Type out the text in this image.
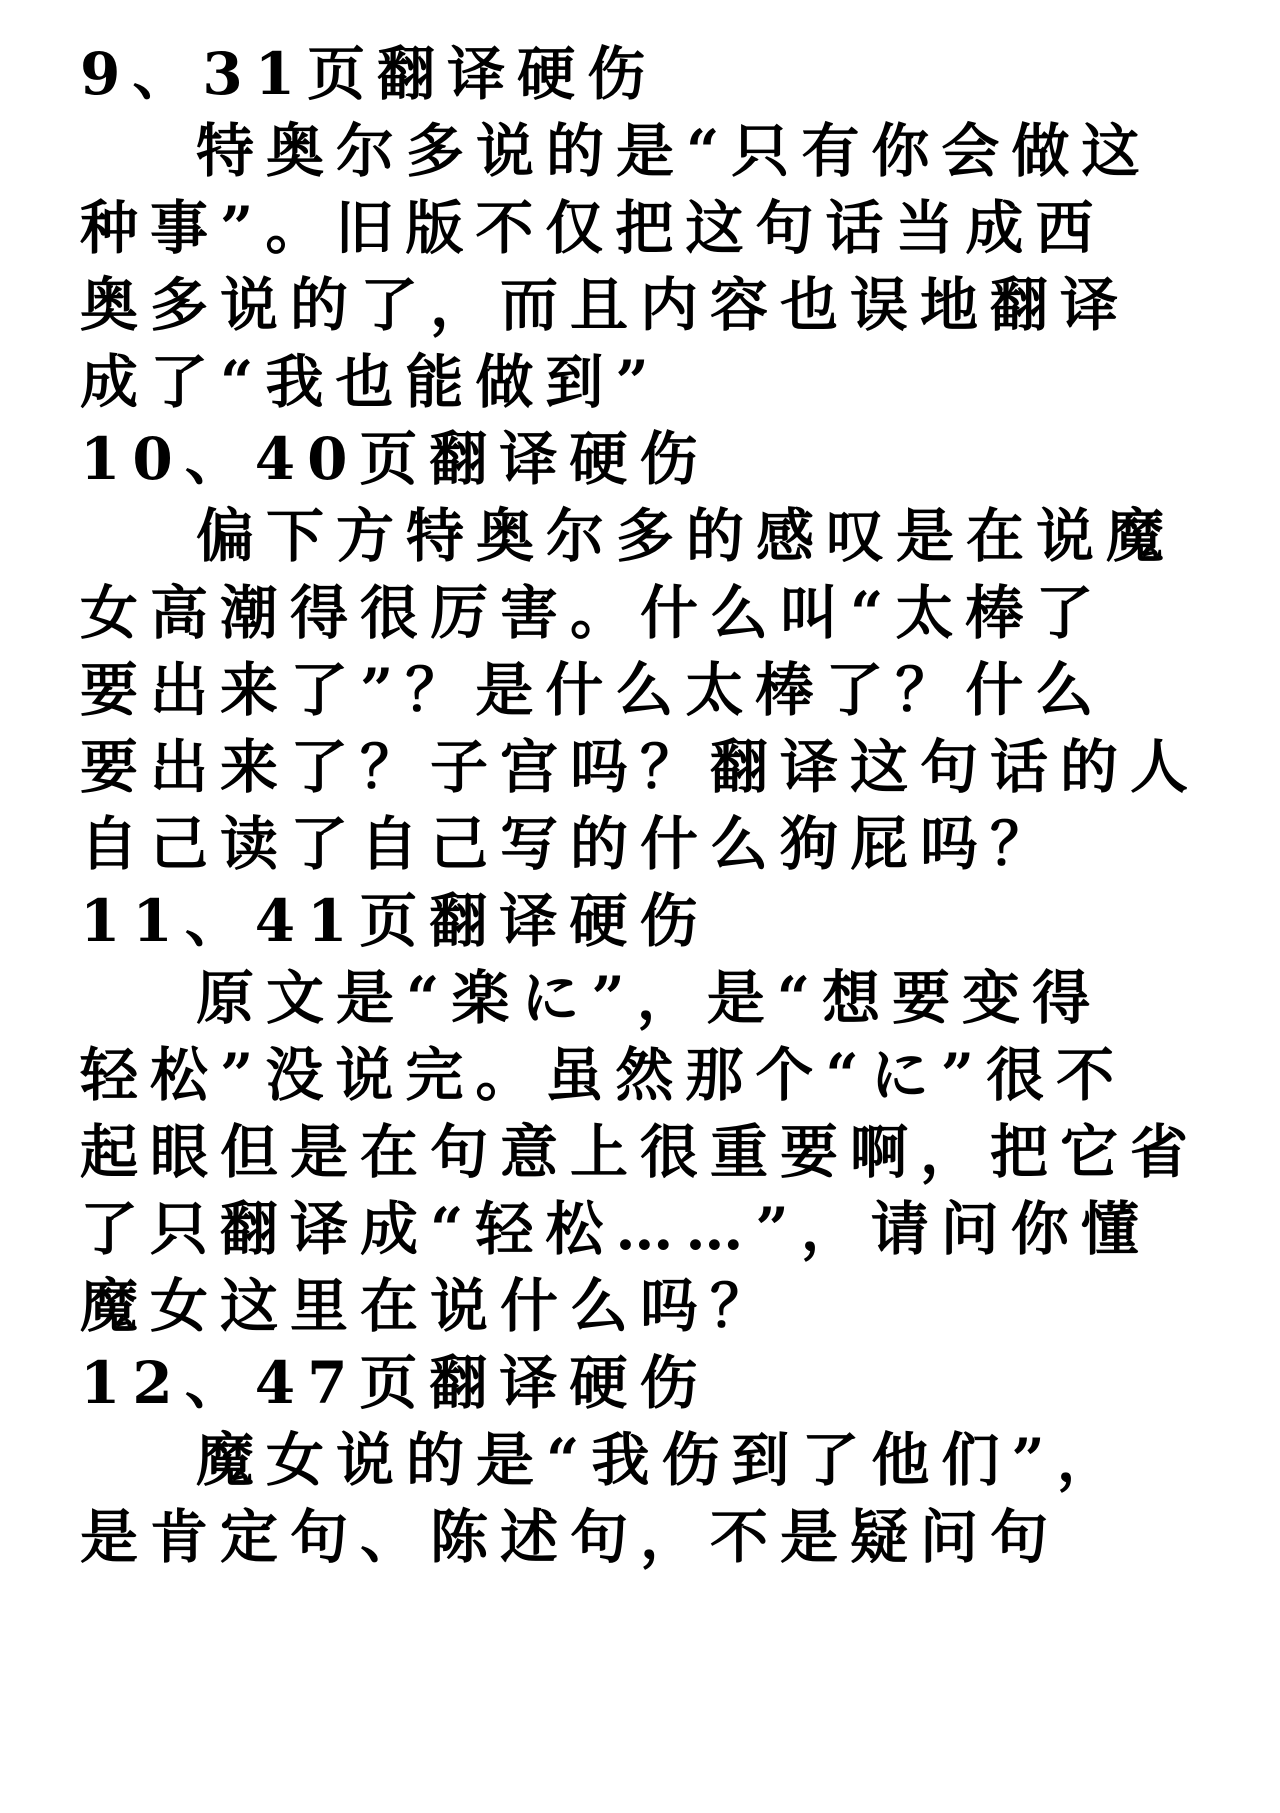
9、31页翻译硬伤
特奥尔多说的是“只有你会做这
种事”。旧版不仅把这句话当成西
奥多说的了，而且内容也误地翻译
成了“我也能做到”
10、40页翻译硬伤
偏下方特奥尔多的感叹是在说魔
女高潮得很厉害。什么叫“太棒了
要出来了”？是什么太棒了？什么
要出来了？子宫吗？翻译这句话的人
自己读了自己写的什么狗屁吗？
11、41页翻译硬伤
原文是“楽に”，是“想要变得
轻松”没说完。虽然那个“に”很不
起眼但是在句意上很重要啊，把它省
了只翻译成“轻松……”，请问你懂
魔女这里在说什么吗？
12、47页翻译硬伤
魔女说的是“我伤到了他们”，
是肯定句、陈述句，不是疑问句
